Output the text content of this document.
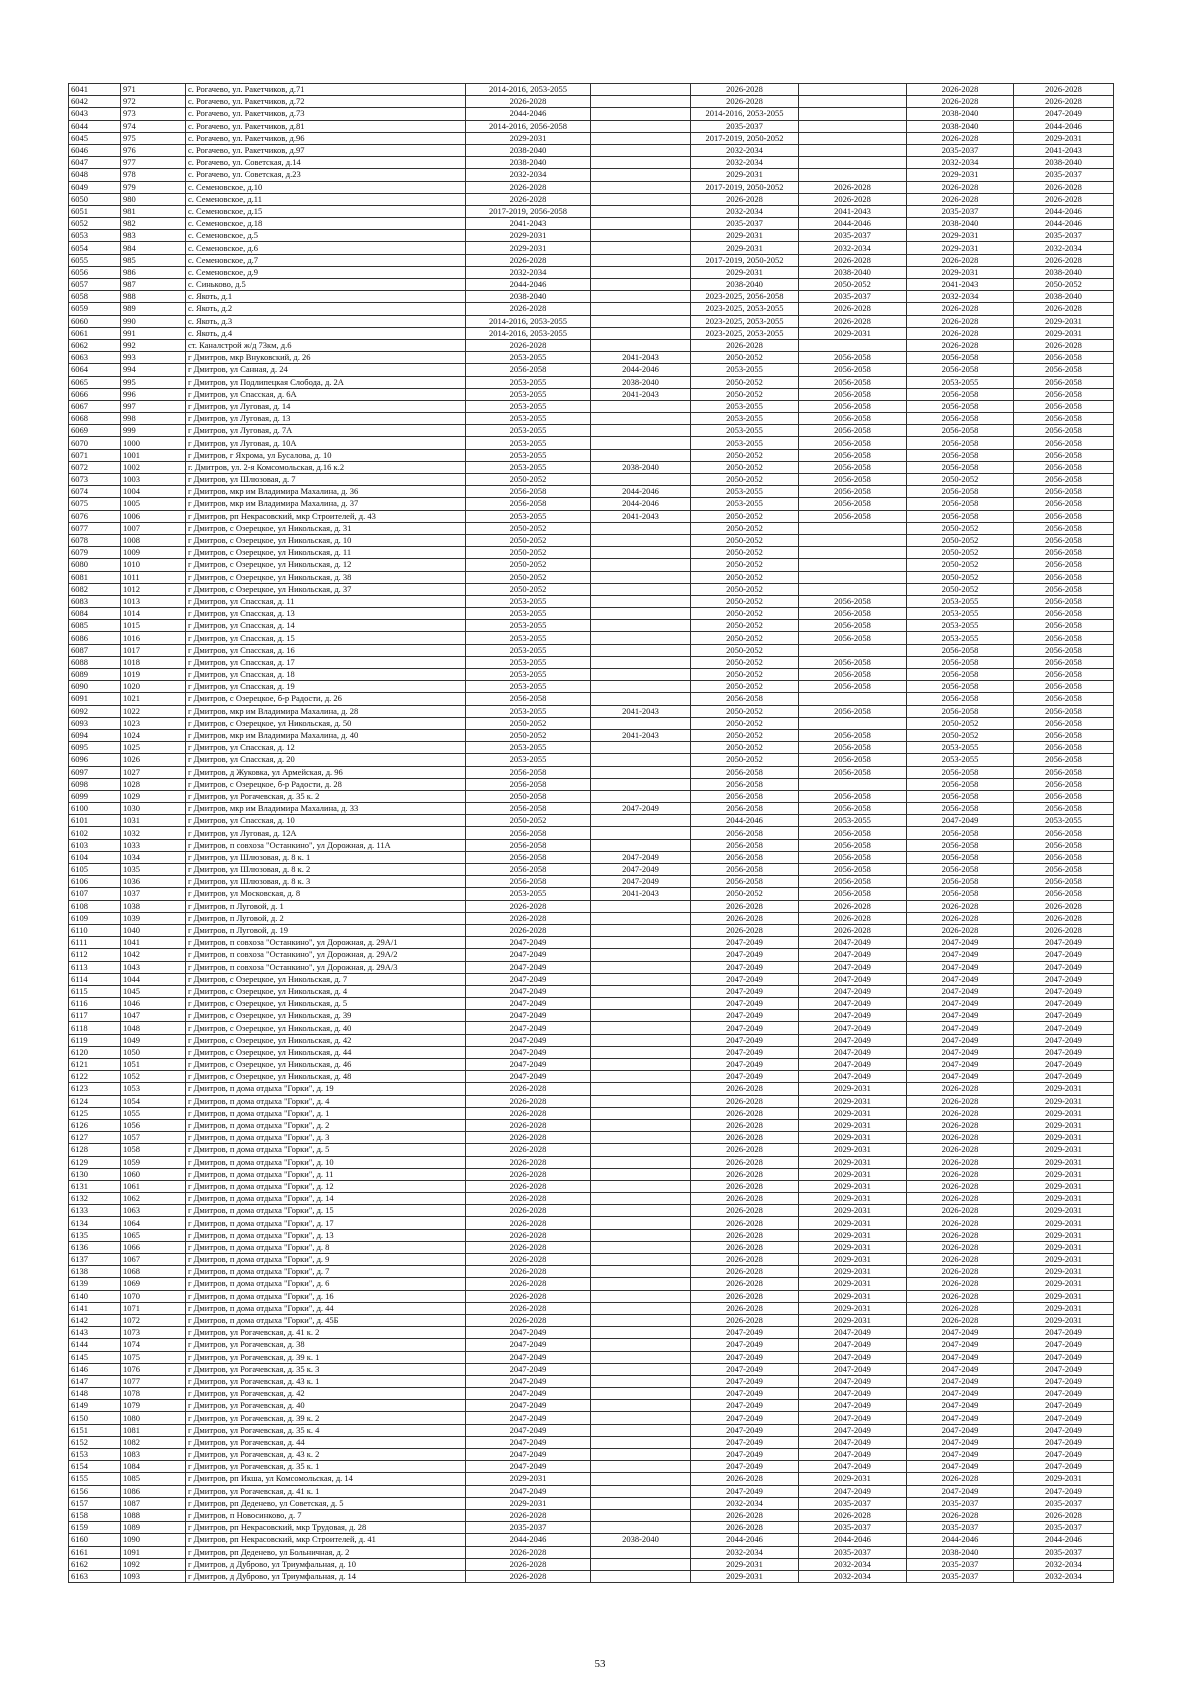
6041	971	с. Рогачево, ул. Ракетчиков, д.71	2014-2016, 2053-2055		2026-2028		2026-2028	2026-2028
6042	972	с. Рогачево, ул. Ракетчиков, д.72	2026-2028		2026-2028		2026-2028	2026-2028
6043	973	с. Рогачево, ул. Ракетчиков, д.73	2044-2046		2014-2016, 2053-2055		2038-2040	2047-2049
6044	974	с. Рогачево, ул. Ракетчиков, д.81	2014-2016, 2056-2058		2035-2037		2038-2040	2044-2046
6045	975	с. Рогачево, ул. Ракетчиков, д.96	2029-2031		2017-2019, 2050-2052		2026-2028	2029-2031
6046	976	с. Рогачево, ул. Ракетчиков, д.97	2038-2040		2032-2034		2035-2037	2041-2043
6047	977	с. Рогачево, ул. Советская, д.14	2038-2040		2032-2034		2032-2034	2038-2040
6048	978	с. Рогачево, ул. Советская, д.23	2032-2034		2029-2031		2029-2031	2035-2037
6049	979	с. Семеновское, д.10	2026-2028		2017-2019, 2050-2052	2026-2028	2026-2028	2026-2028
6050	980	с. Семеновское, д.11	2026-2028		2026-2028	2026-2028	2026-2028	2026-2028
6051	981	с. Семеновское, д.15	2017-2019, 2056-2058		2032-2034	2041-2043	2035-2037	2044-2046
6052	982	с. Семеновское, д.18	2041-2043		2035-2037	2044-2046	2038-2040	2044-2046
6053	983	с. Семеновское, д.5	2029-2031		2029-2031	2035-2037	2029-2031	2035-2037
6054	984	с. Семеновское, д.6	2029-2031		2029-2031	2032-2034	2029-2031	2032-2034
6055	985	с. Семеновское, д.7	2026-2028		2017-2019, 2050-2052	2026-2028	2026-2028	2026-2028
6056	986	с. Семеновское, д.9	2032-2034		2029-2031	2038-2040	2029-2031	2038-2040
6057	987	с. Синьково, д.5	2044-2046		2038-2040	2050-2052	2041-2043	2050-2052
6058	988	с. Якоть, д.1	2038-2040		2023-2025, 2056-2058	2035-2037	2032-2034	2038-2040
6059	989	с. Якоть, д.2	2026-2028		2023-2025, 2053-2055	2026-2028	2026-2028	2026-2028
6060	990	с. Якоть, д.3	2014-2016, 2053-2055		2023-2025, 2053-2055	2026-2028	2026-2028	2029-2031
6061	991	с. Якоть, д.4	2014-2016, 2053-2055		2023-2025, 2053-2055	2029-2031	2026-2028	2029-2031
6062	992	ст. Каналстрой ж/д 73км, д.6	2026-2028		2026-2028		2026-2028	2026-2028
6063	993	г Дмитров, мкр Внуковский, д. 26	2053-2055	2041-2043	2050-2052	2056-2058	2056-2058	2056-2058
6064	994	г Дмитров, ул Санная, д. 24	2056-2058	2044-2046	2053-2055	2056-2058	2056-2058	2056-2058
6065	995	г Дмитров, ул Подлипецкая Слобода, д. 2А	2053-2055	2038-2040	2050-2052	2056-2058	2053-2055	2056-2058
6066	996	г Дмитров, ул Спасская, д. 6А	2053-2055	2041-2043	2050-2052	2056-2058	2056-2058	2056-2058
6067	997	г Дмитров, ул Луговая, д. 14	2053-2055		2053-2055	2056-2058	2056-2058	2056-2058
6068	998	г Дмитров, ул Луговая, д. 13	2053-2055		2053-2055	2056-2058	2056-2058	2056-2058
6069	999	г Дмитров, ул Луговая, д. 7А	2053-2055		2053-2055	2056-2058	2056-2058	2056-2058
6070	1000	г Дмитров, ул Луговая, д. 10А	2053-2055		2053-2055	2056-2058	2056-2058	2056-2058
6071	1001	г Дмитров, г Яхрома, ул Бусалова, д. 10	2053-2055		2050-2052	2056-2058	2056-2058	2056-2058
6072	1002	г. Дмитров, ул. 2-я Комсомольская, д.16 к.2	2053-2055	2038-2040	2050-2052	2056-2058	2056-2058	2056-2058
6073	1003	г Дмитров, ул Шлюзовая, д. 7	2050-2052		2050-2052	2056-2058	2050-2052	2056-2058
6074	1004	г Дмитров, мкр им Владимира Махалина, д. 36	2056-2058	2044-2046	2053-2055	2056-2058	2056-2058	2056-2058
6075	1005	г Дмитров, мкр им Владимира Махалина, д. 37	2056-2058	2044-2046	2053-2055	2056-2058	2056-2058	2056-2058
6076	1006	г Дмитров, рп Некрасовский, мкр Строителей, д. 43	2053-2055	2041-2043	2050-2052	2056-2058	2056-2058	2056-2058
6077	1007	г Дмитров, с Озерецкое, ул Никольская, д. 31	2050-2052		2050-2052		2050-2052	2056-2058
6078	1008	г Дмитров, с Озерецкое, ул Никольская, д. 10	2050-2052		2050-2052		2050-2052	2056-2058
6079	1009	г Дмитров, с Озерецкое, ул Никольская, д. 11	2050-2052		2050-2052		2050-2052	2056-2058
6080	1010	г Дмитров, с Озерецкое, ул Никольская, д. 12	2050-2052		2050-2052		2050-2052	2056-2058
6081	1011	г Дмитров, с Озерецкое, ул Никольская, д. 38	2050-2052		2050-2052		2050-2052	2056-2058
6082	1012	г Дмитров, с Озерецкое, ул Никольская, д. 37	2050-2052		2050-2052		2050-2052	2056-2058
6083	1013	г Дмитров, ул Спасская, д. 11	2053-2055		2050-2052	2056-2058	2053-2055	2056-2058
6084	1014	г Дмитров, ул Спасская, д. 13	2053-2055		2050-2052	2056-2058	2053-2055	2056-2058
6085	1015	г Дмитров, ул Спасская, д. 14	2053-2055		2050-2052	2056-2058	2053-2055	2056-2058
6086	1016	г Дмитров, ул Спасская, д. 15	2053-2055		2050-2052	2056-2058	2053-2055	2056-2058
6087	1017	г Дмитров, ул Спасская, д. 16	2053-2055		2050-2052		2056-2058	2056-2058
6088	1018	г Дмитров, ул Спасская, д. 17	2053-2055		2050-2052	2056-2058	2056-2058	2056-2058
6089	1019	г Дмитров, ул Спасская, д. 18	2053-2055		2050-2052	2056-2058	2056-2058	2056-2058
6090	1020	г Дмитров, ул Спасская, д. 19	2053-2055		2050-2052	2056-2058	2056-2058	2056-2058
6091	1021	г Дмитров, с Озерецкое, б-р Радости, д. 26	2056-2058		2056-2058		2056-2058	2056-2058
6092	1022	г Дмитров, мкр им Владимира Махалина, д. 28	2053-2055	2041-2043	2050-2052	2056-2058	2056-2058	2056-2058
6093	1023	г Дмитров, с Озерецкое, ул Никольская, д. 50	2050-2052		2050-2052		2050-2052	2056-2058
6094	1024	г Дмитров, мкр им Владимира Махалина, д. 40	2050-2052	2041-2043	2050-2052	2056-2058	2050-2052	2056-2058
6095	1025	г Дмитров, ул Спасская, д. 12	2053-2055		2050-2052	2056-2058	2053-2055	2056-2058
6096	1026	г Дмитров, ул Спасская, д. 20	2053-2055		2050-2052	2056-2058	2053-2055	2056-2058
6097	1027	г Дмитров, д Жуковка, ул Армейская, д. 96	2056-2058		2056-2058	2056-2058	2056-2058	2056-2058
6098	1028	г Дмитров, с Озерецкое, б-р Радости, д. 28	2056-2058		2056-2058		2056-2058	2056-2058
6099	1029	г Дмитров, ул Рогачевская, д. 35 к. 2	2050-2058		2056-2058	2056-2058	2056-2058	2056-2058
6100	1030	г Дмитров, мкр им Владимира Махалина, д. 33	2056-2058	2047-2049	2056-2058	2056-2058	2056-2058	2056-2058
6101	1031	г Дмитров, ул Спасская, д. 10	2050-2052		2044-2046	2053-2055	2047-2049	2053-2055
6102	1032	г Дмитров, ул Луговая, д. 12А	2056-2058		2056-2058	2056-2058	2056-2058	2056-2058
6103	1033	г Дмитров, п совхоза "Останкино", ул Дорожная, д. 11А	2056-2058		2056-2058	2056-2058	2056-2058	2056-2058
6104	1034	г Дмитров, ул Шлюзовая, д. 8 к. 1	2056-2058	2047-2049	2056-2058	2056-2058	2056-2058	2056-2058
6105	1035	г Дмитров, ул Шлюзовая, д. 8 к. 2	2056-2058	2047-2049	2056-2058	2056-2058	2056-2058	2056-2058
6106	1036	г Дмитров, ул Шлюзовая, д. 8 к. 3	2056-2058	2047-2049	2056-2058	2056-2058	2056-2058	2056-2058
6107	1037	г Дмитров, ул Московская, д. 8	2053-2055	2041-2043	2050-2052	2056-2058	2056-2058	2056-2058
6108	1038	г Дмитров, п Луговой, д. 1	2026-2028		2026-2028	2026-2028	2026-2028	2026-2028
6109	1039	г Дмитров, п Луговой, д. 2	2026-2028		2026-2028	2026-2028	2026-2028	2026-2028
6110	1040	г Дмитров, п Луговой, д. 19	2026-2028		2026-2028	2026-2028	2026-2028	2026-2028
6111	1041	г Дмитров, п совхоза "Останкино", ул Дорожная, д. 29А/1	2047-2049		2047-2049	2047-2049	2047-2049	2047-2049
6112	1042	г Дмитров, п совхоза "Останкино", ул Дорожная, д. 29А/2	2047-2049		2047-2049	2047-2049	2047-2049	2047-2049
6113	1043	г Дмитров, п совхоза "Останкино", ул Дорожная, д. 29А/3	2047-2049		2047-2049	2047-2049	2047-2049	2047-2049
6114	1044	г Дмитров, с Озерецкое, ул Никольская, д. 7	2047-2049		2047-2049	2047-2049	2047-2049	2047-2049
6115	1045	г Дмитров, с Озерецкое, ул Никольская, д. 4	2047-2049		2047-2049	2047-2049	2047-2049	2047-2049
6116	1046	г Дмитров, с Озерецкое, ул Никольская, д. 5	2047-2049		2047-2049	2047-2049	2047-2049	2047-2049
6117	1047	г Дмитров, с Озерецкое, ул Никольская, д. 39	2047-2049		2047-2049	2047-2049	2047-2049	2047-2049
6118	1048	г Дмитров, с Озерецкое, ул Никольская, д. 40	2047-2049		2047-2049	2047-2049	2047-2049	2047-2049
6119	1049	г Дмитров, с Озерецкое, ул Никольская, д. 42	2047-2049		2047-2049	2047-2049	2047-2049	2047-2049
6120	1050	г Дмитров, с Озерецкое, ул Никольская, д. 44	2047-2049		2047-2049	2047-2049	2047-2049	2047-2049
6121	1051	г Дмитров, с Озерецкое, ул Никольская, д. 46	2047-2049		2047-2049	2047-2049	2047-2049	2047-2049
6122	1052	г Дмитров, с Озерецкое, ул Никольская, д. 48	2047-2049		2047-2049	2047-2049	2047-2049	2047-2049
6123	1053	г Дмитров, п дома отдыха "Горки", д. 19	2026-2028		2026-2028	2029-2031	2026-2028	2029-2031
6124	1054	г Дмитров, п дома отдыха "Горки", д. 4	2026-2028		2026-2028	2029-2031	2026-2028	2029-2031
6125	1055	г Дмитров, п дома отдыха "Горки", д. 1	2026-2028		2026-2028	2029-2031	2026-2028	2029-2031
6126	1056	г Дмитров, п дома отдыха "Горки", д. 2	2026-2028		2026-2028	2029-2031	2026-2028	2029-2031
6127	1057	г Дмитров, п дома отдыха "Горки", д. 3	2026-2028		2026-2028	2029-2031	2026-2028	2029-2031
6128	1058	г Дмитров, п дома отдыха "Горки", д. 5	2026-2028		2026-2028	2029-2031	2026-2028	2029-2031
6129	1059	г Дмитров, п дома отдыха "Горки", д. 10	2026-2028		2026-2028	2029-2031	2026-2028	2029-2031
6130	1060	г Дмитров, п дома отдыха "Горки", д. 11	2026-2028		2026-2028	2029-2031	2026-2028	2029-2031
6131	1061	г Дмитров, п дома отдыха "Горки", д. 12	2026-2028		2026-2028	2029-2031	2026-2028	2029-2031
6132	1062	г Дмитров, п дома отдыха "Горки", д. 14	2026-2028		2026-2028	2029-2031	2026-2028	2029-2031
6133	1063	г Дмитров, п дома отдыха "Горки", д. 15	2026-2028		2026-2028	2029-2031	2026-2028	2029-2031
6134	1064	г Дмитров, п дома отдыха "Горки", д. 17	2026-2028		2026-2028	2029-2031	2026-2028	2029-2031
6135	1065	г Дмитров, п дома отдыха "Горки", д. 13	2026-2028		2026-2028	2029-2031	2026-2028	2029-2031
6136	1066	г Дмитров, п дома отдыха "Горки", д. 8	2026-2028		2026-2028	2029-2031	2026-2028	2029-2031
6137	1067	г Дмитров, п дома отдыха "Горки", д. 9	2026-2028		2026-2028	2029-2031	2026-2028	2029-2031
6138	1068	г Дмитров, п дома отдыха "Горки", д. 7	2026-2028		2026-2028	2029-2031	2026-2028	2029-2031
6139	1069	г Дмитров, п дома отдыха "Горки", д. 6	2026-2028		2026-2028	2029-2031	2026-2028	2029-2031
6140	1070	г Дмитров, п дома отдыха "Горки", д. 16	2026-2028		2026-2028	2029-2031	2026-2028	2029-2031
6141	1071	г Дмитров, п дома отдыха "Горки", д. 44	2026-2028		2026-2028	2029-2031	2026-2028	2029-2031
6142	1072	г Дмитров, п дома отдыха "Горки", д. 45Б	2026-2028		2026-2028	2029-2031	2026-2028	2029-2031
6143	1073	г Дмитров, ул Рогачевская, д. 41 к. 2	2047-2049		2047-2049	2047-2049	2047-2049	2047-2049
6144	1074	г Дмитров, ул Рогачевская, д. 38	2047-2049		2047-2049	2047-2049	2047-2049	2047-2049
6145	1075	г Дмитров, ул Рогачевская, д. 39 к. 1	2047-2049		2047-2049	2047-2049	2047-2049	2047-2049
6146	1076	г Дмитров, ул Рогачевская, д. 35 к. 3	2047-2049		2047-2049	2047-2049	2047-2049	2047-2049
6147	1077	г Дмитров, ул Рогачевская, д. 43 к. 1	2047-2049		2047-2049	2047-2049	2047-2049	2047-2049
6148	1078	г Дмитров, ул Рогачевская, д. 42	2047-2049		2047-2049	2047-2049	2047-2049	2047-2049
6149	1079	г Дмитров, ул Рогачевская, д. 40	2047-2049		2047-2049	2047-2049	2047-2049	2047-2049
6150	1080	г Дмитров, ул Рогачевская, д. 39 к. 2	2047-2049		2047-2049	2047-2049	2047-2049	2047-2049
6151	1081	г Дмитров, ул Рогачевская, д. 35 к. 4	2047-2049		2047-2049	2047-2049	2047-2049	2047-2049
6152	1082	г Дмитров, ул Рогачевская, д. 44	2047-2049		2047-2049	2047-2049	2047-2049	2047-2049
6153	1083	г Дмитров, ул Рогачевская, д. 43 к. 2	2047-2049		2047-2049	2047-2049	2047-2049	2047-2049
6154	1084	г Дмитров, ул Рогачевская, д. 35 к. 1	2047-2049		2047-2049	2047-2049	2047-2049	2047-2049
6155	1085	г Дмитров, рп Икша, ул Комсомольская, д. 14	2029-2031		2026-2028	2029-2031	2026-2028	2029-2031
6156	1086	г Дмитров, ул Рогачевская, д. 41 к. 1	2047-2049		2047-2049	2047-2049	2047-2049	2047-2049
6157	1087	г Дмитров, рп Деденево, ул Советская, д. 5	2029-2031		2032-2034	2035-2037	2035-2037	2035-2037
6158	1088	г Дмитров, п Новосинково, д. 7	2026-2028		2026-2028	2026-2028	2026-2028	2026-2028
6159	1089	г Дмитров, рп Некрасовский, мкр Трудовая, д. 28	2035-2037		2026-2028	2035-2037	2035-2037	2035-2037
6160	1090	г Дмитров, рп Некрасовский, мкр Строителей, д. 41	2044-2046	2038-2040	2044-2046	2044-2046	2044-2046	2044-2046
6161	1091	г Дмитров, рп Деденево, ул Больничная, д. 2	2026-2028		2032-2034	2035-2037	2038-2040	2035-2037
6162	1092	г Дмитров, д Дуброво, ул Триумфальная, д. 10	2026-2028		2029-2031	2032-2034	2035-2037	2032-2034
6163	1093	г Дмитров, д Дуброво, ул Триумфальная, д. 14	2026-2028		2029-2031	2032-2034	2035-2037	2032-2034
53
